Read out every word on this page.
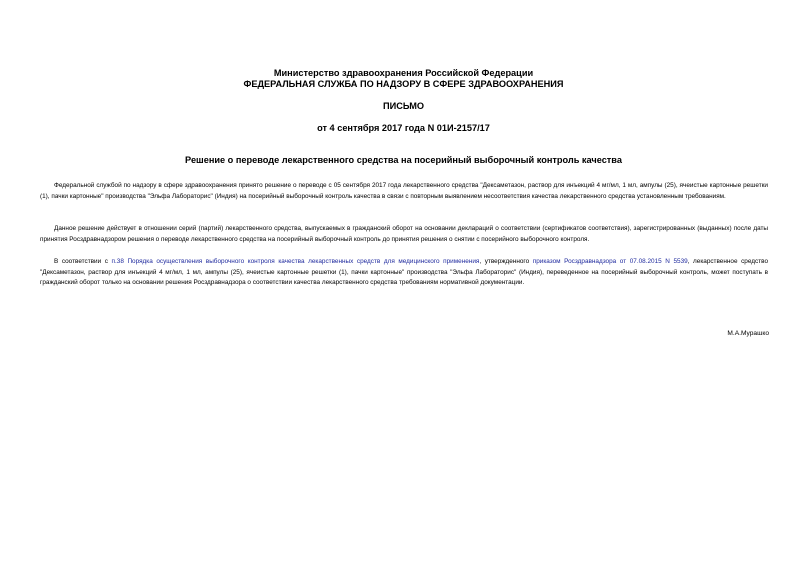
Министерство здравоохранения Российской Федерации
ФЕДЕРАЛЬНАЯ СЛУЖБА ПО НАДЗОРУ В СФЕРЕ ЗДРАВООХРАНЕНИЯ
ПИСЬМО
от 4 сентября 2017 года N 01И-2157/17
Решение о переводе лекарственного средства на посерийный выборочный контроль качества

Федеральной службой по надзору в сфере здравоохранения принято решение о переводе с 05 сентября 2017 года лекарственного средства "Дексаметазон, раствор для инъекций 4 мг/мл, 1 мл, ампулы (25), ячеистые картонные решетки (1), пачки картонные" производства "Эльфа Лабораторис" (Индия) на посерийный выборочный контроль качества в связи с повторным выявлением несоответствия качества лекарственного средства установленным требованиям.

Данное решение действует в отношении серий (партий) лекарственного средства, выпускаемых в гражданский оборот на основании деклараций о соответствии (сертификатов соответствия), зарегистрированных (выданных) после даты принятия Росздравнадзором решения о переводе лекарственного средства на посерийный выборочный контроль до принятия решения о снятии с посерийного выборочного контроля.

В соответствии с п.38 Порядка осуществления выборочного контроля качества лекарственных средств для медицинского применения, утвержденного приказом Росздравнадзора от 07.08.2015 N 5539, лекарственное средство "Дексаметазон, раствор для инъекций 4 мг/мл, 1 мл, ампулы (25), ячеистые картонные решетки (1), пачки картонные" производства "Эльфа Лабораторис" (Индия), переведенное на посерийный выборочный контроль, может поступать в гражданский оборот только на основании решения Росздравнадзора о соответствии качества лекарственного средства требованиям нормативной документации.

М.А.Мурашко
